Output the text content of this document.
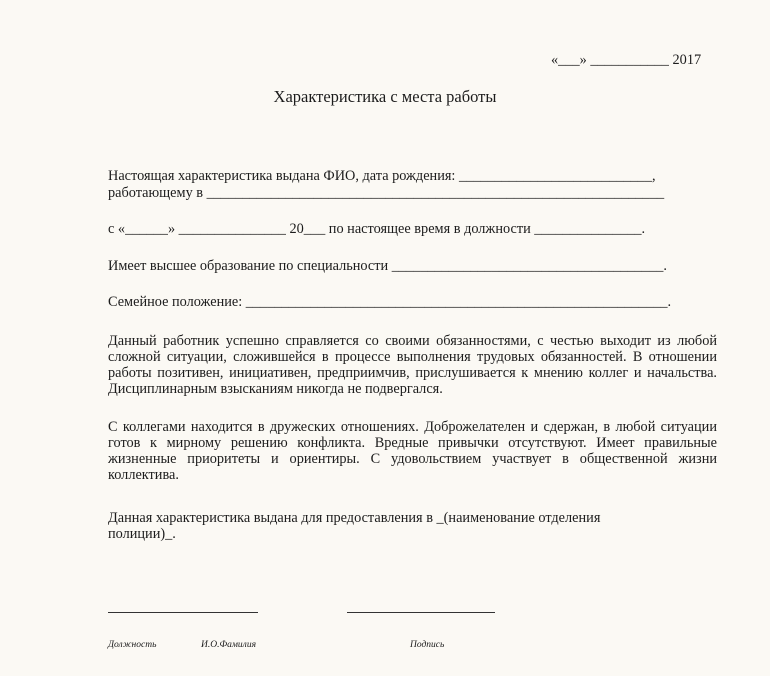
«___» ___________ 2017
Характеристика с места работы
Настоящая характеристика выдана ФИО, дата рождения: ___________________________,
работающему в ________________________________________________________________
с «______» _______________ 20___ по настоящее время в должности _______________.
Имеет высшее образование по специальности ______________________________________.
Семейное положение: ___________________________________________________________.
Данный работник успешно справляется со своими обязанностями, с честью выходит из любой сложной ситуации, сложившейся в процессе выполнения трудовых обязанностей. В отношении работы позитивен, инициативен, предприимчив, прислушивается к мнению коллег и начальства. Дисциплинарным взысканиям никогда не подвергался.
С коллегами находится в дружеских отношениях. Доброжелателен и сдержан, в любой ситуации готов к мирному решению конфликта. Вредные привычки отсутствуют. Имеет правильные жизненные приоритеты и ориентиры. С удовольствием участвует в общественной жизни коллектива.
Данная характеристика выдана для предоставления в _(наименование отделения полиции)_.
Должность	И.О.Фамилия	Подпись
